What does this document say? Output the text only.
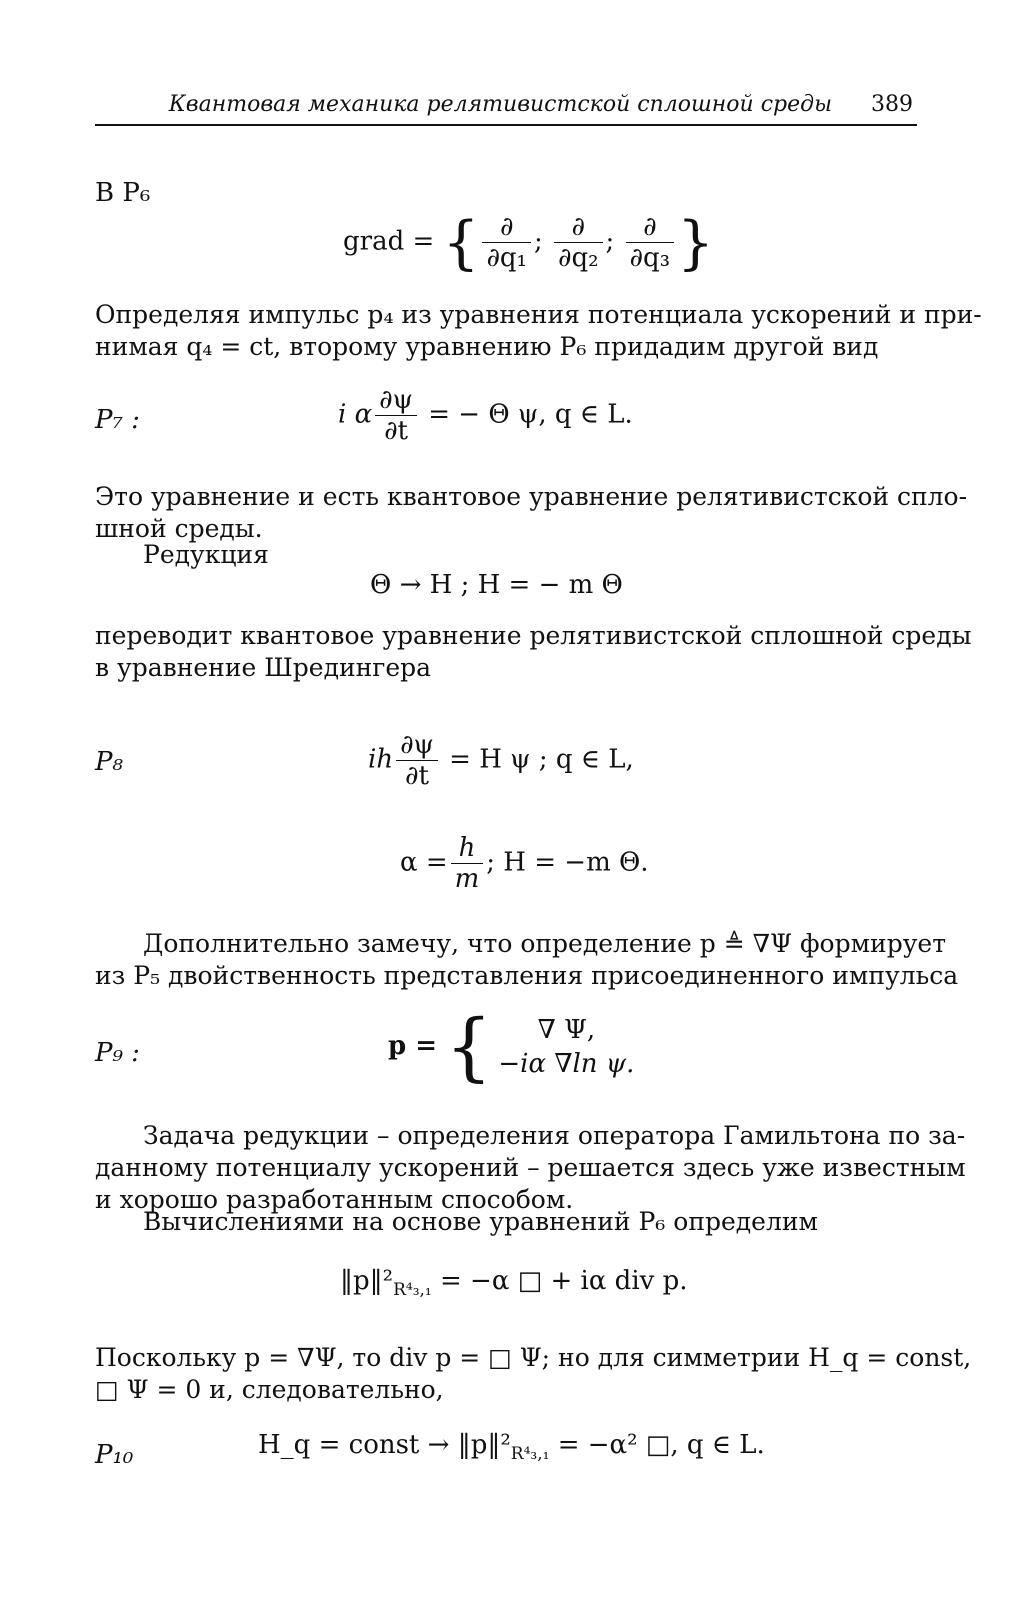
Квантовая механика релятивистской сплошной среды 389
В P₆
grad = { $\frac{\partial}{\text{∂q₁}}$ ; $\frac{\partial}{\text{∂q₂}}$ ; $\frac{\partial}{\text{∂q₃}}$ }
Определяя импульс p₄ из уравнения потенциала ускорений и при-
нимая q₄ = ct, второму уравнению P₆ придадим другой вид
P₇ :	i α $\frac{\partial\psi}{\partial t}$ = − Θ ψ, q ∈ L.
Это уравнение и есть квантовое уравнение релятивистской спло-
шной среды.
Редукция
Θ → H ; H = − m Θ
переводит квантовое уравнение релятивистской сплошной среды
в уравнение Шредингера
P₈	ih $\frac{\partial\psi}{\partial t} = H$ ψ ; q ∈ L,
$\alpha = \frac{h}{m}$ ; H = −m Θ.
Дополнительно замечу, что определение p ≜ ∇Ψ формирует
из P₅ двойственность представления присоединенного импульса
P₉ :	p = {	∇ Ψ,
−iα ∇ln ψ.
Задача редукции – определения оператора Гамильтона по за-
данному потенциалу ускорений – решается здесь уже известным
и хорошо разработанным способом.
Вычислениями на основе уравнений P₆ определим
$‖p‖^2_{R^4_3,_1} = -\alpha$ □ + iα div p.
Поскольку p = ∇Ψ, то div p = □ Ψ; но для симметрии H_q = const,
□ Ψ = 0 и, следовательно,
P₁₀	H_q = const → $‖p‖^2_{R^4_3,_1} = -\alpha^2$ □, q ∈ L.
